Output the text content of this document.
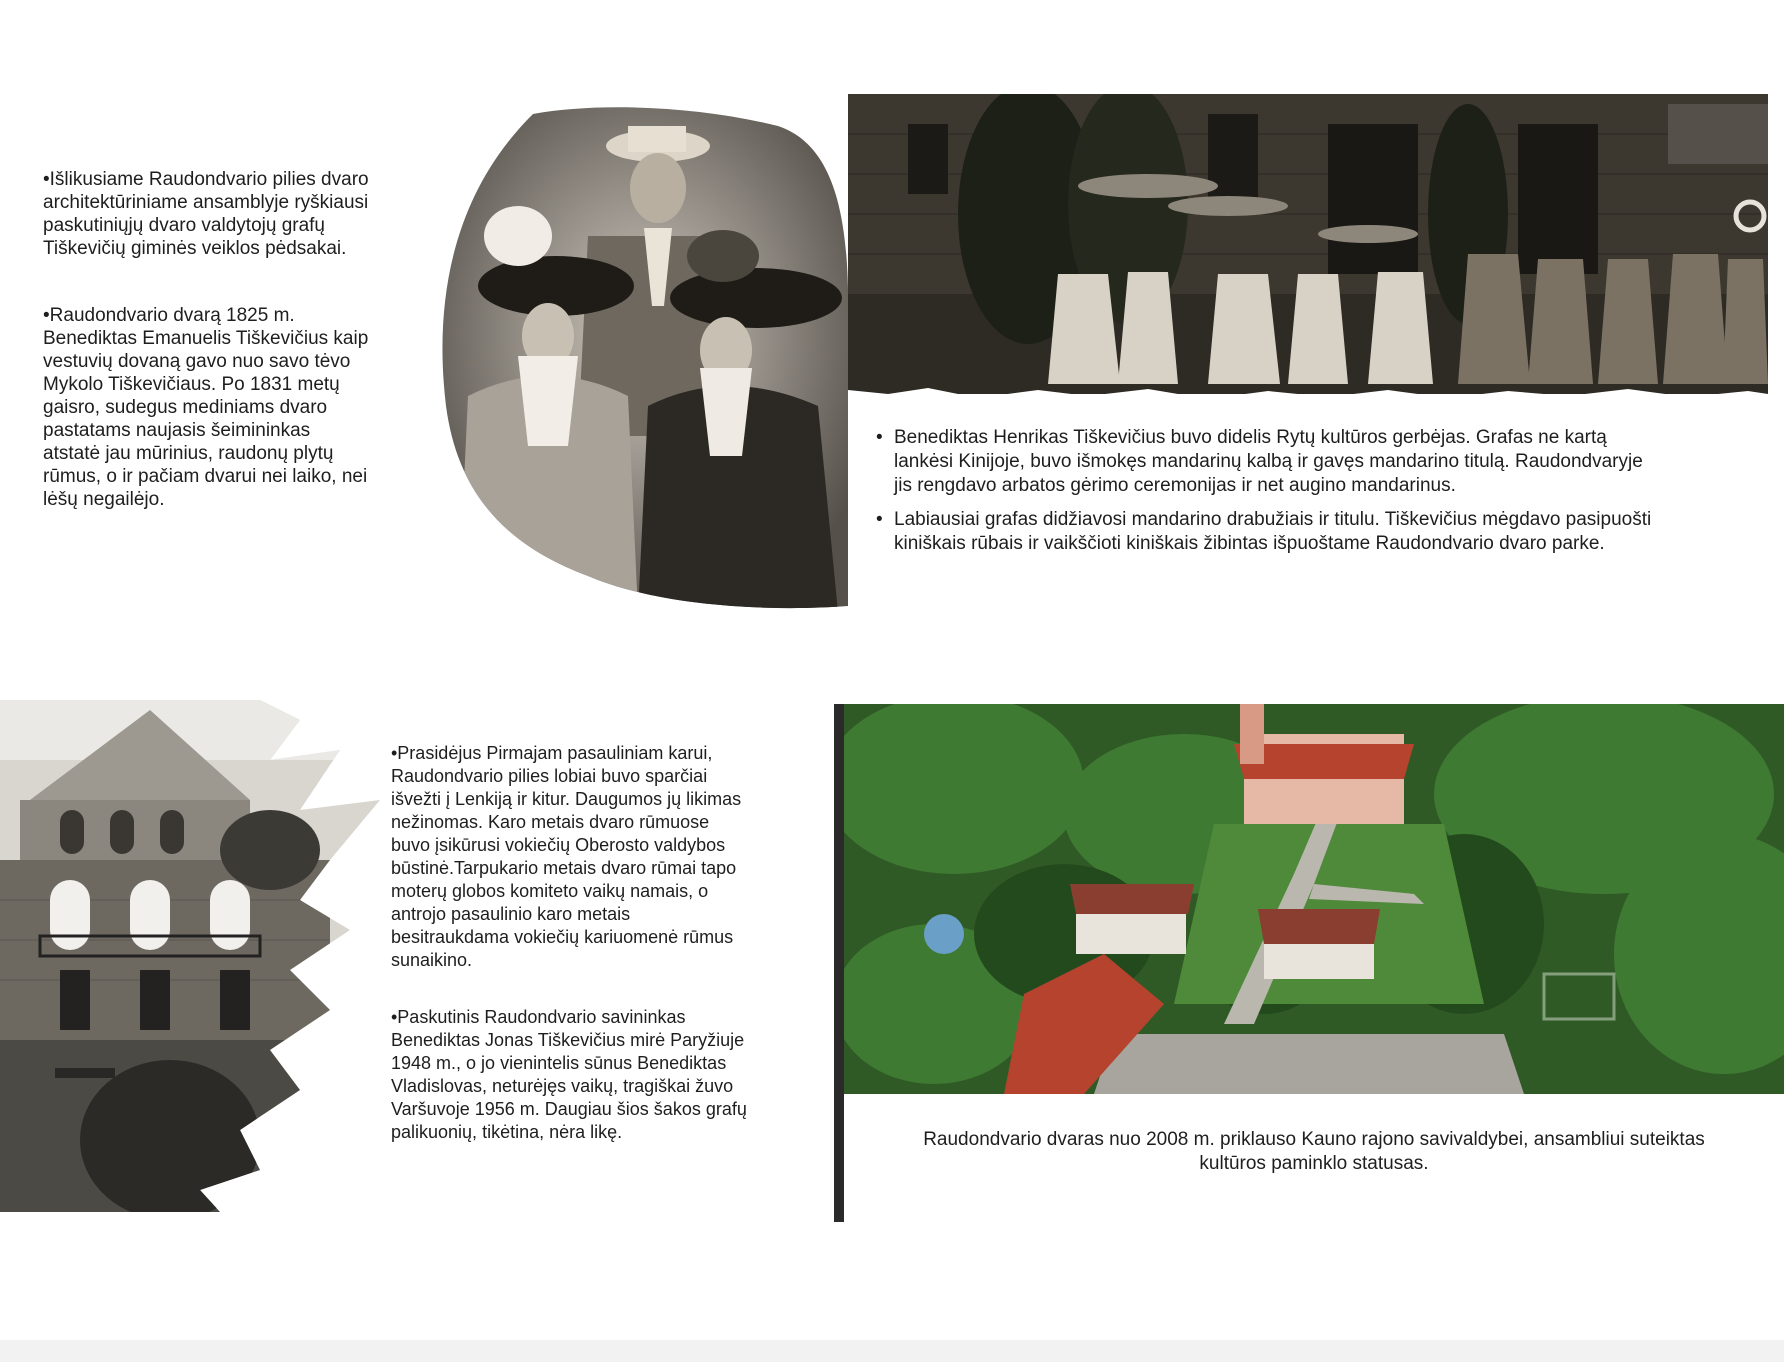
•Išlikusiame Raudondvario pilies dvaro
architektūriniame ansamblyje ryškiausi
paskutiniųjų dvaro valdytojų grafų
Tiškevičių giminės veiklos pėdsakai.

•Raudondvario dvarą 1825 m.
Benediktas Emanuelis Tiškevičius kaip
vestuvių dovaną gavo nuo savo tėvo
Mykolo Tiškevičiaus. Po 1831 metų
gaisro, sudegus mediniams dvaro
pastatams naujasis šeimininkas
atstatė jau mūrinius, raudonų plytų
rūmus, o ir pačiam dvarui nei laiko, nei
lėšų negailėjo.

• Benediktas Henrikas Tiškevičius buvo didelis Rytų kultūros gerbėjas. Grafas ne kartą
lankėsi Kinijoje, buvo išmokęs mandarinų kalbą ir gavęs mandarino titulą. Raudondvaryje
jis rengdavo arbatos gėrimo ceremonijas ir net augino mandarinus.
• Labiausiai grafas didžiavosi mandarino drabužiais ir titulu. Tiškevičius mėgdavo pasipuošti
kiniškais rūbais ir vaikščioti kiniškais žibintas išpuoštame Raudondvario dvaro parke.

•Prasidėjus Pirmajam pasauliniam karui,
Raudondvario pilies lobiai buvo sparčiai
išvežti į Lenkiją ir kitur. Daugumos jų likimas
nežinomas. Karo metais dvaro rūmuose
buvo įsikūrusi vokiečių Oberosto valdybos
būstinė.Tarpukario metais dvaro rūmai tapo
moterų globos komiteto vaikų namais, o
antrojo pasaulinio karo metais
besitraukdama vokiečių kariuomenė rūmus
sunaikino.

•Paskutinis Raudondvario savininkas
Benediktas Jonas Tiškevičius mirė Paryžiuje
1948 m., o jo vienintelis sūnus Benediktas
Vladislovas, neturėjęs vaikų, tragiškai žuvo
Varšuvoje 1956 m. Daugiau šios šakos grafų
palikuonių, tikėtina, nėra likę.	Raudondvario dvaras nuo 2008 m. priklauso Kauno rajono savivaldybei, ansambliui suteiktas
kultūros paminklo statusas.
